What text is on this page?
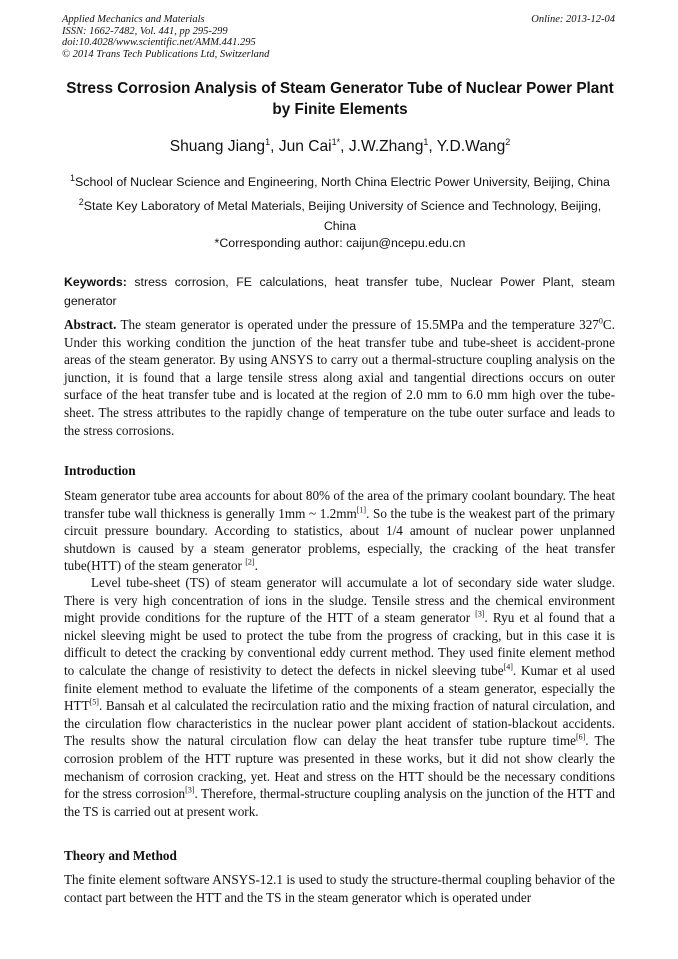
Applied Mechanics and Materials
ISSN: 1662-7482, Vol. 441, pp 295-299
doi:10.4028/www.scientific.net/AMM.441.295
© 2014 Trans Tech Publications Ltd, Switzerland
Online: 2013-12-04
Stress Corrosion Analysis of Steam Generator Tube of Nuclear Power Plant by Finite Elements
Shuang Jiang$^1$, Jun Cai$^{1*}$, J.W.Zhang$^1$, Y.D.Wang$^2$
$^1$School of Nuclear Science and Engineering, North China Electric Power University, Beijing, China
$^2$State Key Laboratory of Metal Materials, Beijing University of Science and Technology, Beijing, China
*Corresponding author: caijun@ncepu.edu.cn
Keywords: stress corrosion, FE calculations, heat transfer tube, Nuclear Power Plant, steam generator
Abstract. The steam generator is operated under the pressure of 15.5MPa and the temperature $327^0C$. Under this working condition the junction of the heat transfer tube and tube-sheet is accident-prone areas of the steam generator. By using ANSYS to carry out a thermal-structure coupling analysis on the junction, it is found that a large tensile stress along axial and tangential directions occurs on outer surface of the heat transfer tube and is located at the region of 2.0 mm to 6.0 mm high over the tube-sheet. The stress attributes to the rapidly change of temperature on the tube outer surface and leads to the stress corrosions.
Introduction
Steam generator tube area accounts for about 80% of the area of the primary coolant boundary. The heat transfer tube wall thickness is generally 1mm ~ 1.2mm[1]. So the tube is the weakest part of the primary circuit pressure boundary. According to statistics, about 1/4 amount of nuclear power unplanned shutdown is caused by a steam generator problems, especially, the cracking of the heat transfer tube(HTT) of the steam generator [2].
Level tube-sheet (TS) of steam generator will accumulate a lot of secondary side water sludge. There is very high concentration of ions in the sludge. Tensile stress and the chemical environment might provide conditions for the rupture of the HTT of a steam generator [3]. Ryu et al found that a nickel sleeving might be used to protect the tube from the progress of cracking, but in this case it is difficult to detect the cracking by conventional eddy current method. They used finite element method to calculate the change of resistivity to detect the defects in nickel sleeving tube[4]. Kumar et al used finite element method to evaluate the lifetime of the components of a steam generator, especially the HTT[5]. Bansah et al calculated the recirculation ratio and the mixing fraction of natural circulation, and the circulation flow characteristics in the nuclear power plant accident of station-blackout accidents. The results show the natural circulation flow can delay the heat transfer tube rupture time[6]. The corrosion problem of the HTT rupture was presented in these works, but it did not show clearly the mechanism of corrosion cracking, yet. Heat and stress on the HTT should be the necessary conditions for the stress corrosion[3]. Therefore, thermal-structure coupling analysis on the junction of the HTT and the TS is carried out at present work.
Theory and Method
The finite element software ANSYS-12.1 is used to study the structure-thermal coupling behavior of the contact part between the HTT and the TS in the steam generator which is operated under
